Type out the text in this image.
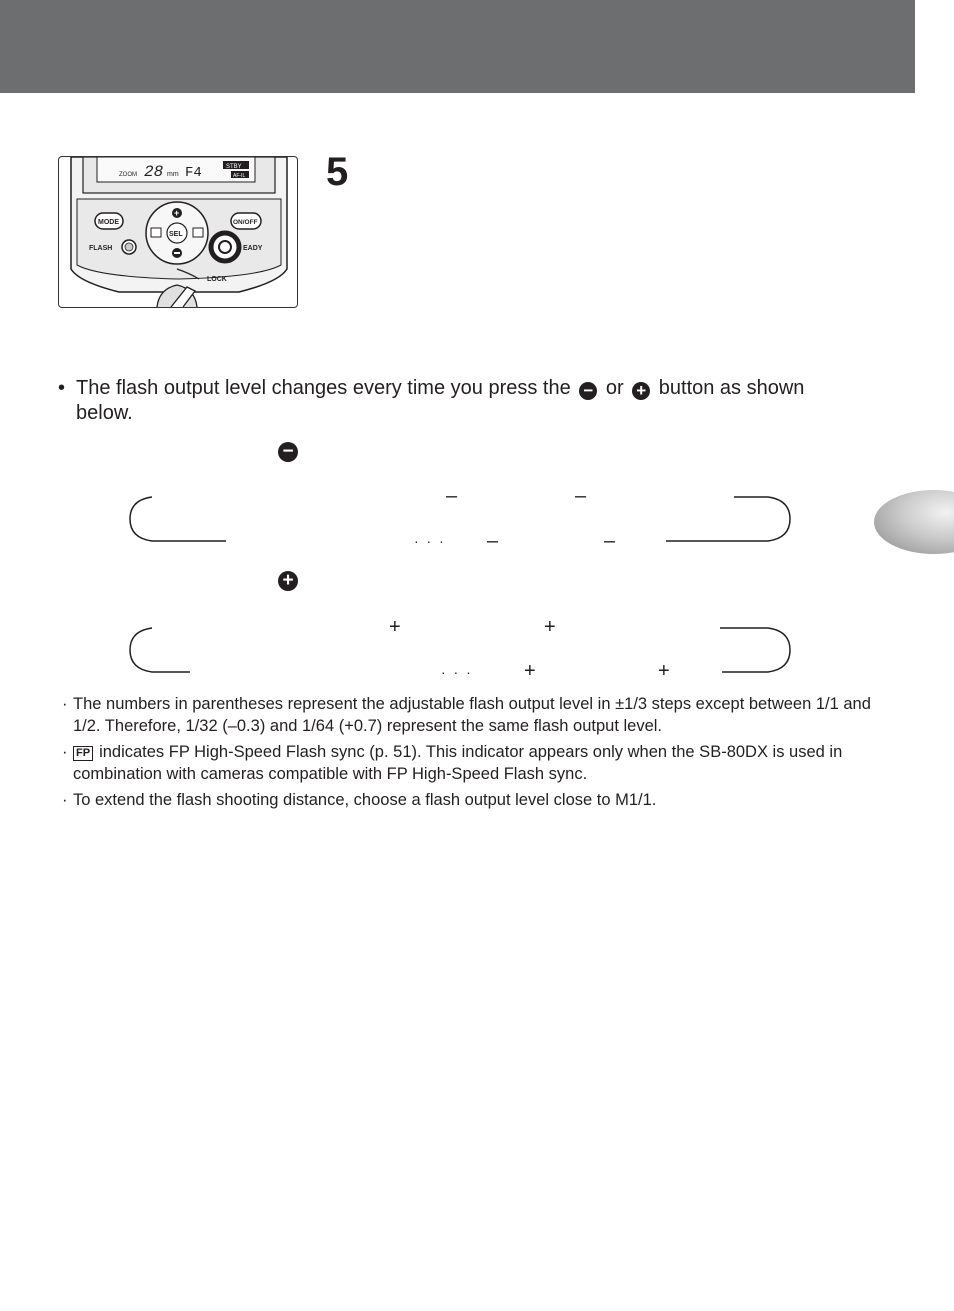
ZOOM 28 mm F4	STBY
AF-IL
MODE	ON/OFF
SEL
+
FLASH	EADY
LOCK
5
• The flash output level changes every time you press the − or + button as shown below.
−
–	–
· · · –	–
+
+	+
· · ·	+	+
· The numbers in parentheses represent the adjustable flash output level in ±1/3 steps except between 1/1 and 1/2. Therefore, 1/32 (–0.3) and 1/64 (+0.7) represent the same flash output level.
· FP indicates FP High-Speed Flash sync (p. 51). This indicator appears only when the SB-80DX is used in combination with cameras compatible with FP High-Speed Flash sync.
· To extend the flash shooting distance, choose a flash output level close to M1/1.
